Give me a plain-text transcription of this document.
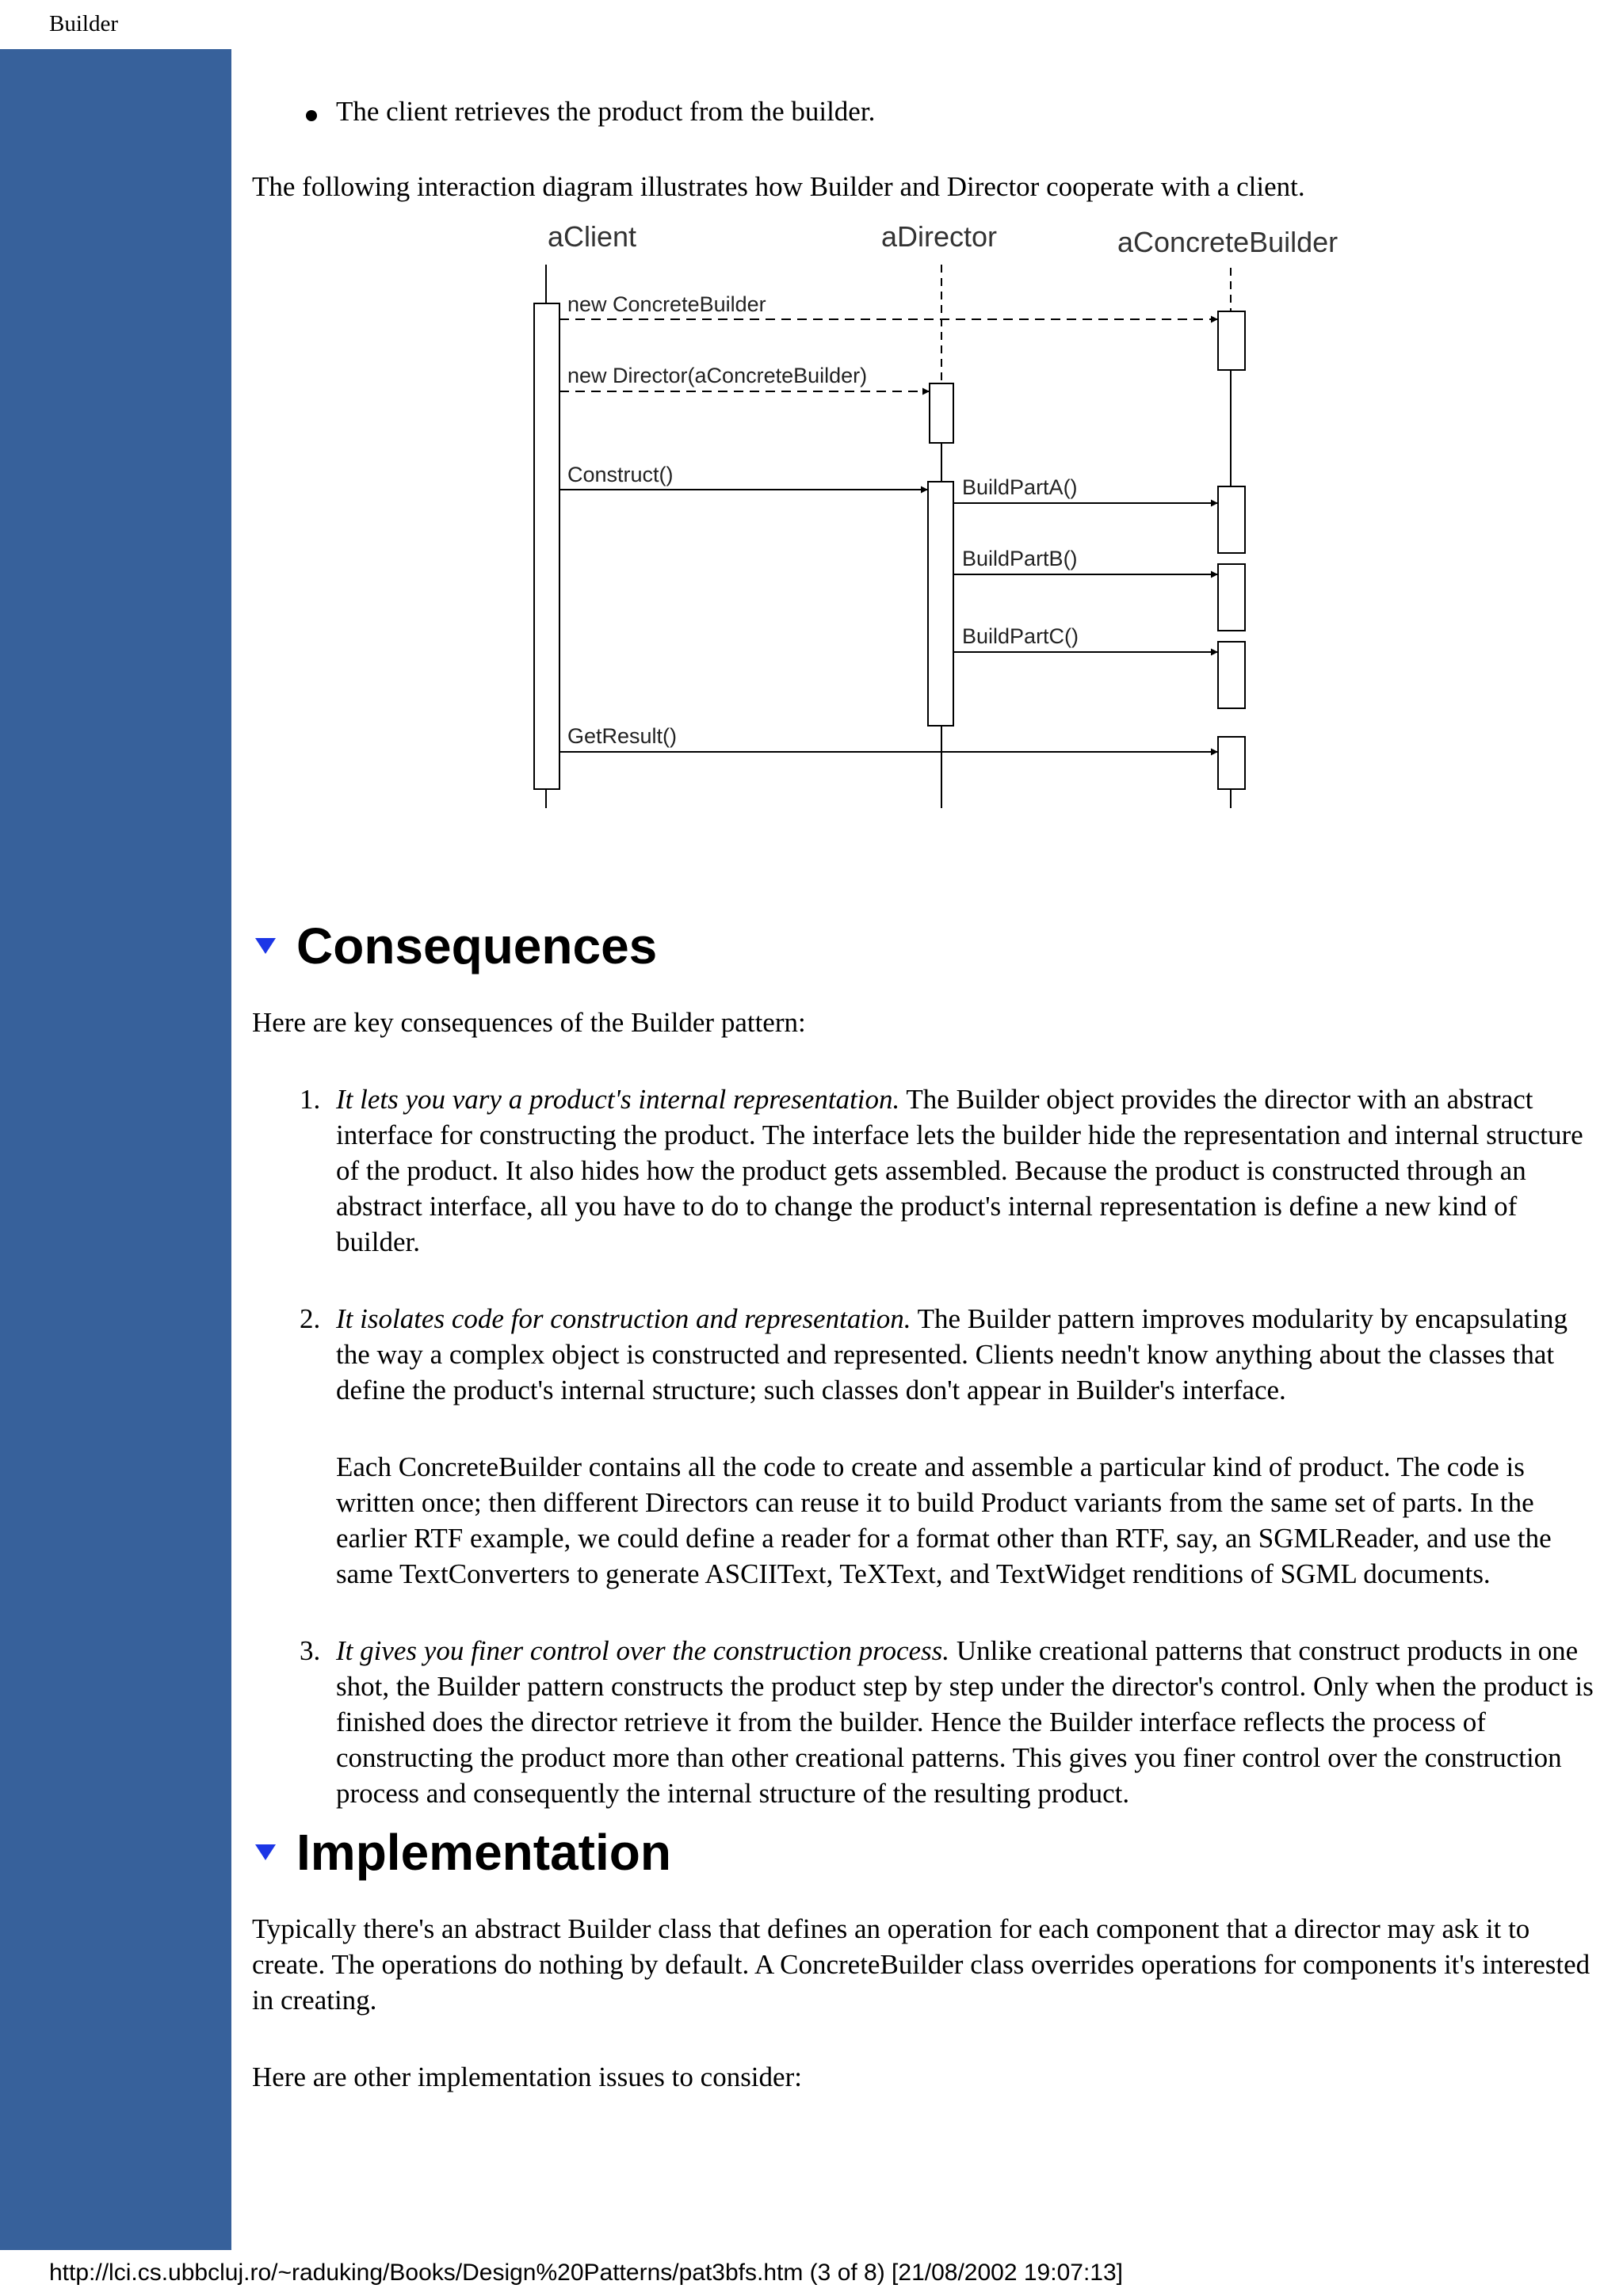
Builder
The client retrieves the product from the builder.

The following interaction diagram illustrates how Builder and Director cooperate with a client.

aClient	aDirector	aConcreteBuilder
new ConcreteBuilder
new Director(aConcreteBuilder)
Construct()
BuildPartA()
BuildPartB()
BuildPartC()
GetResult()
Consequences

Here are key consequences of the Builder pattern:

1. It lets you vary a product's internal representation. The Builder object provides the director with an abstract interface for constructing the product. The interface lets the builder hide the representation and internal structure of the product. It also hides how the product gets assembled. Because the product is constructed through an abstract interface, all you have to do to change the product's internal representation is define a new kind of builder.
2. It isolates code for construction and representation. The Builder pattern improves modularity by encapsulating the way a complex object is constructed and represented. Clients needn't know anything about the classes that define the product's internal structure; such classes don't appear in Builder's interface.

Each ConcreteBuilder contains all the code to create and assemble a particular kind of product. The code is written once; then different Directors can reuse it to build Product variants from the same set of parts. In the earlier RTF example, we could define a reader for a format other than RTF, say, an SGMLReader, and use the same TextConverters to generate ASCIIText, TeXText, and TextWidget renditions of SGML documents.

3. It gives you finer control over the construction process. Unlike creational patterns that construct products in one shot, the Builder pattern constructs the product step by step under the director's control. Only when the product is finished does the director retrieve it from the builder. Hence the Builder interface reflects the process of constructing the product more than other creational patterns. This gives you finer control over the construction process and consequently the internal structure of the resulting product.
Implementation

Typically there's an abstract Builder class that defines an operation for each component that a director may ask it to create. The operations do nothing by default. A ConcreteBuilder class overrides operations for components it's interested in creating.

Here are other implementation issues to consider:

http://lci.cs.ubbcluj.ro/~raduking/Books/Design%20Patterns/pat3bfs.htm (3 of 8) [21/08/2002 19:07:13]
